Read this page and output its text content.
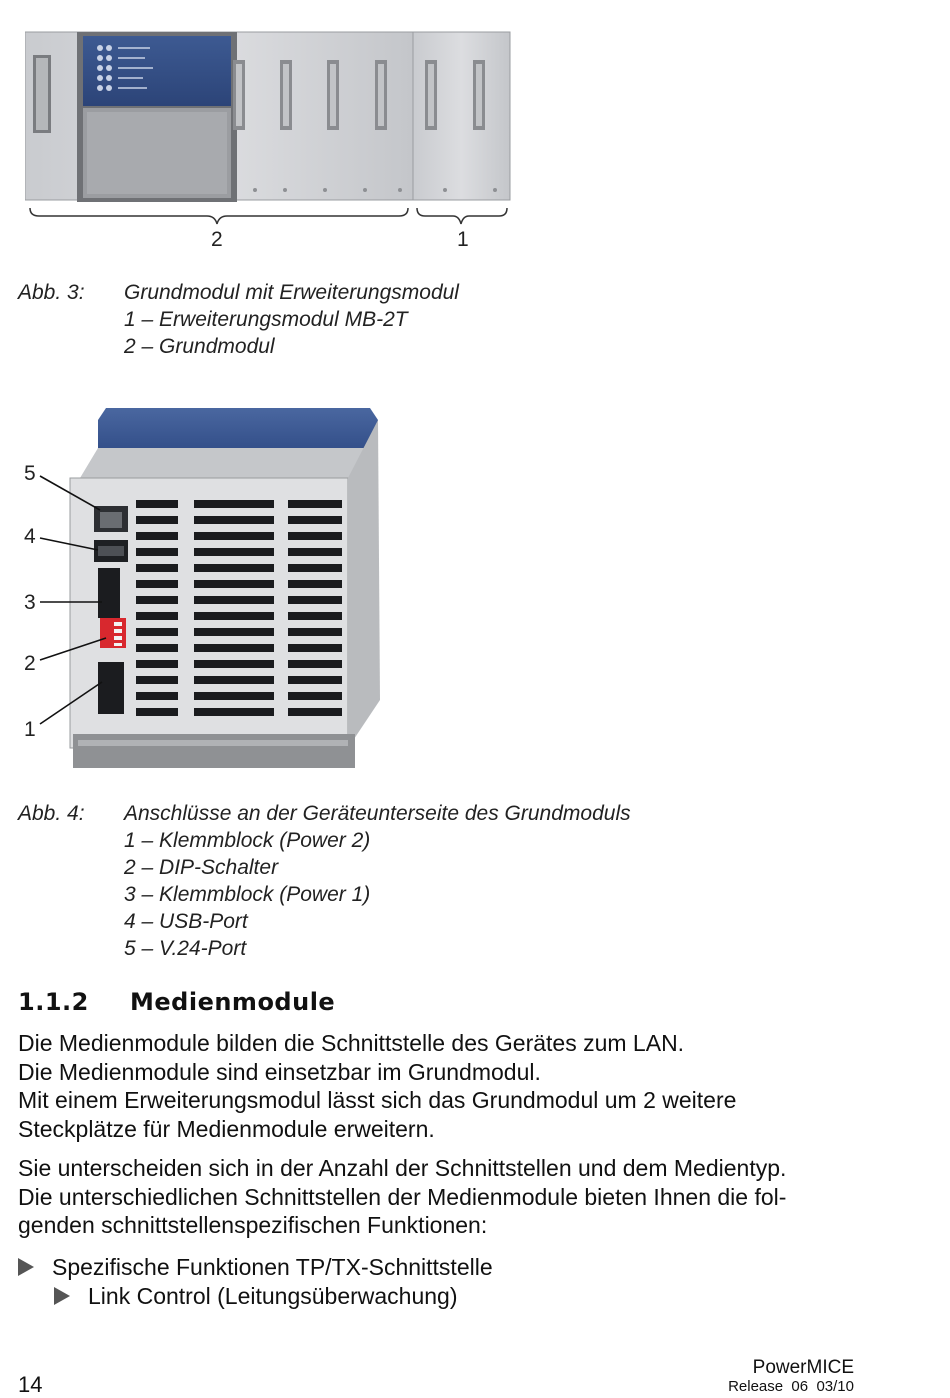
2	1
Abb. 3: Grundmodul mit Erweiterungsmodul
1 – Erweiterungsmodul MB-2T
2 – Grundmodul
5
4
3
2
1
Abb. 4: Anschlüsse an der Geräteunterseite des Grundmoduls
1 – Klemmblock (Power 2)
2 – DIP-Schalter
3 – Klemmblock (Power 1)
4 – USB-Port
5 – V.24-Port
1.1.2 Medienmodule
Die Medienmodule bilden die Schnittstelle des Gerätes zum LAN.
Die Medienmodule sind einsetzbar im Grundmodul.
Mit einem Erweiterungsmodul lässt sich das Grundmodul um 2 weitere
Steckplätze für Medienmodule erweitern.
Sie unterscheiden sich in der Anzahl der Schnittstellen und dem Medientyp.
Die unterschiedlichen Schnittstellen der Medienmodule bieten Ihnen die fol-
genden schnittstellenspezifischen Funktionen:
Spezifische Funktionen TP/TX-Schnittstelle
Link Control (Leitungsüberwachung)
14
PowerMICE
Release  06  03/10
